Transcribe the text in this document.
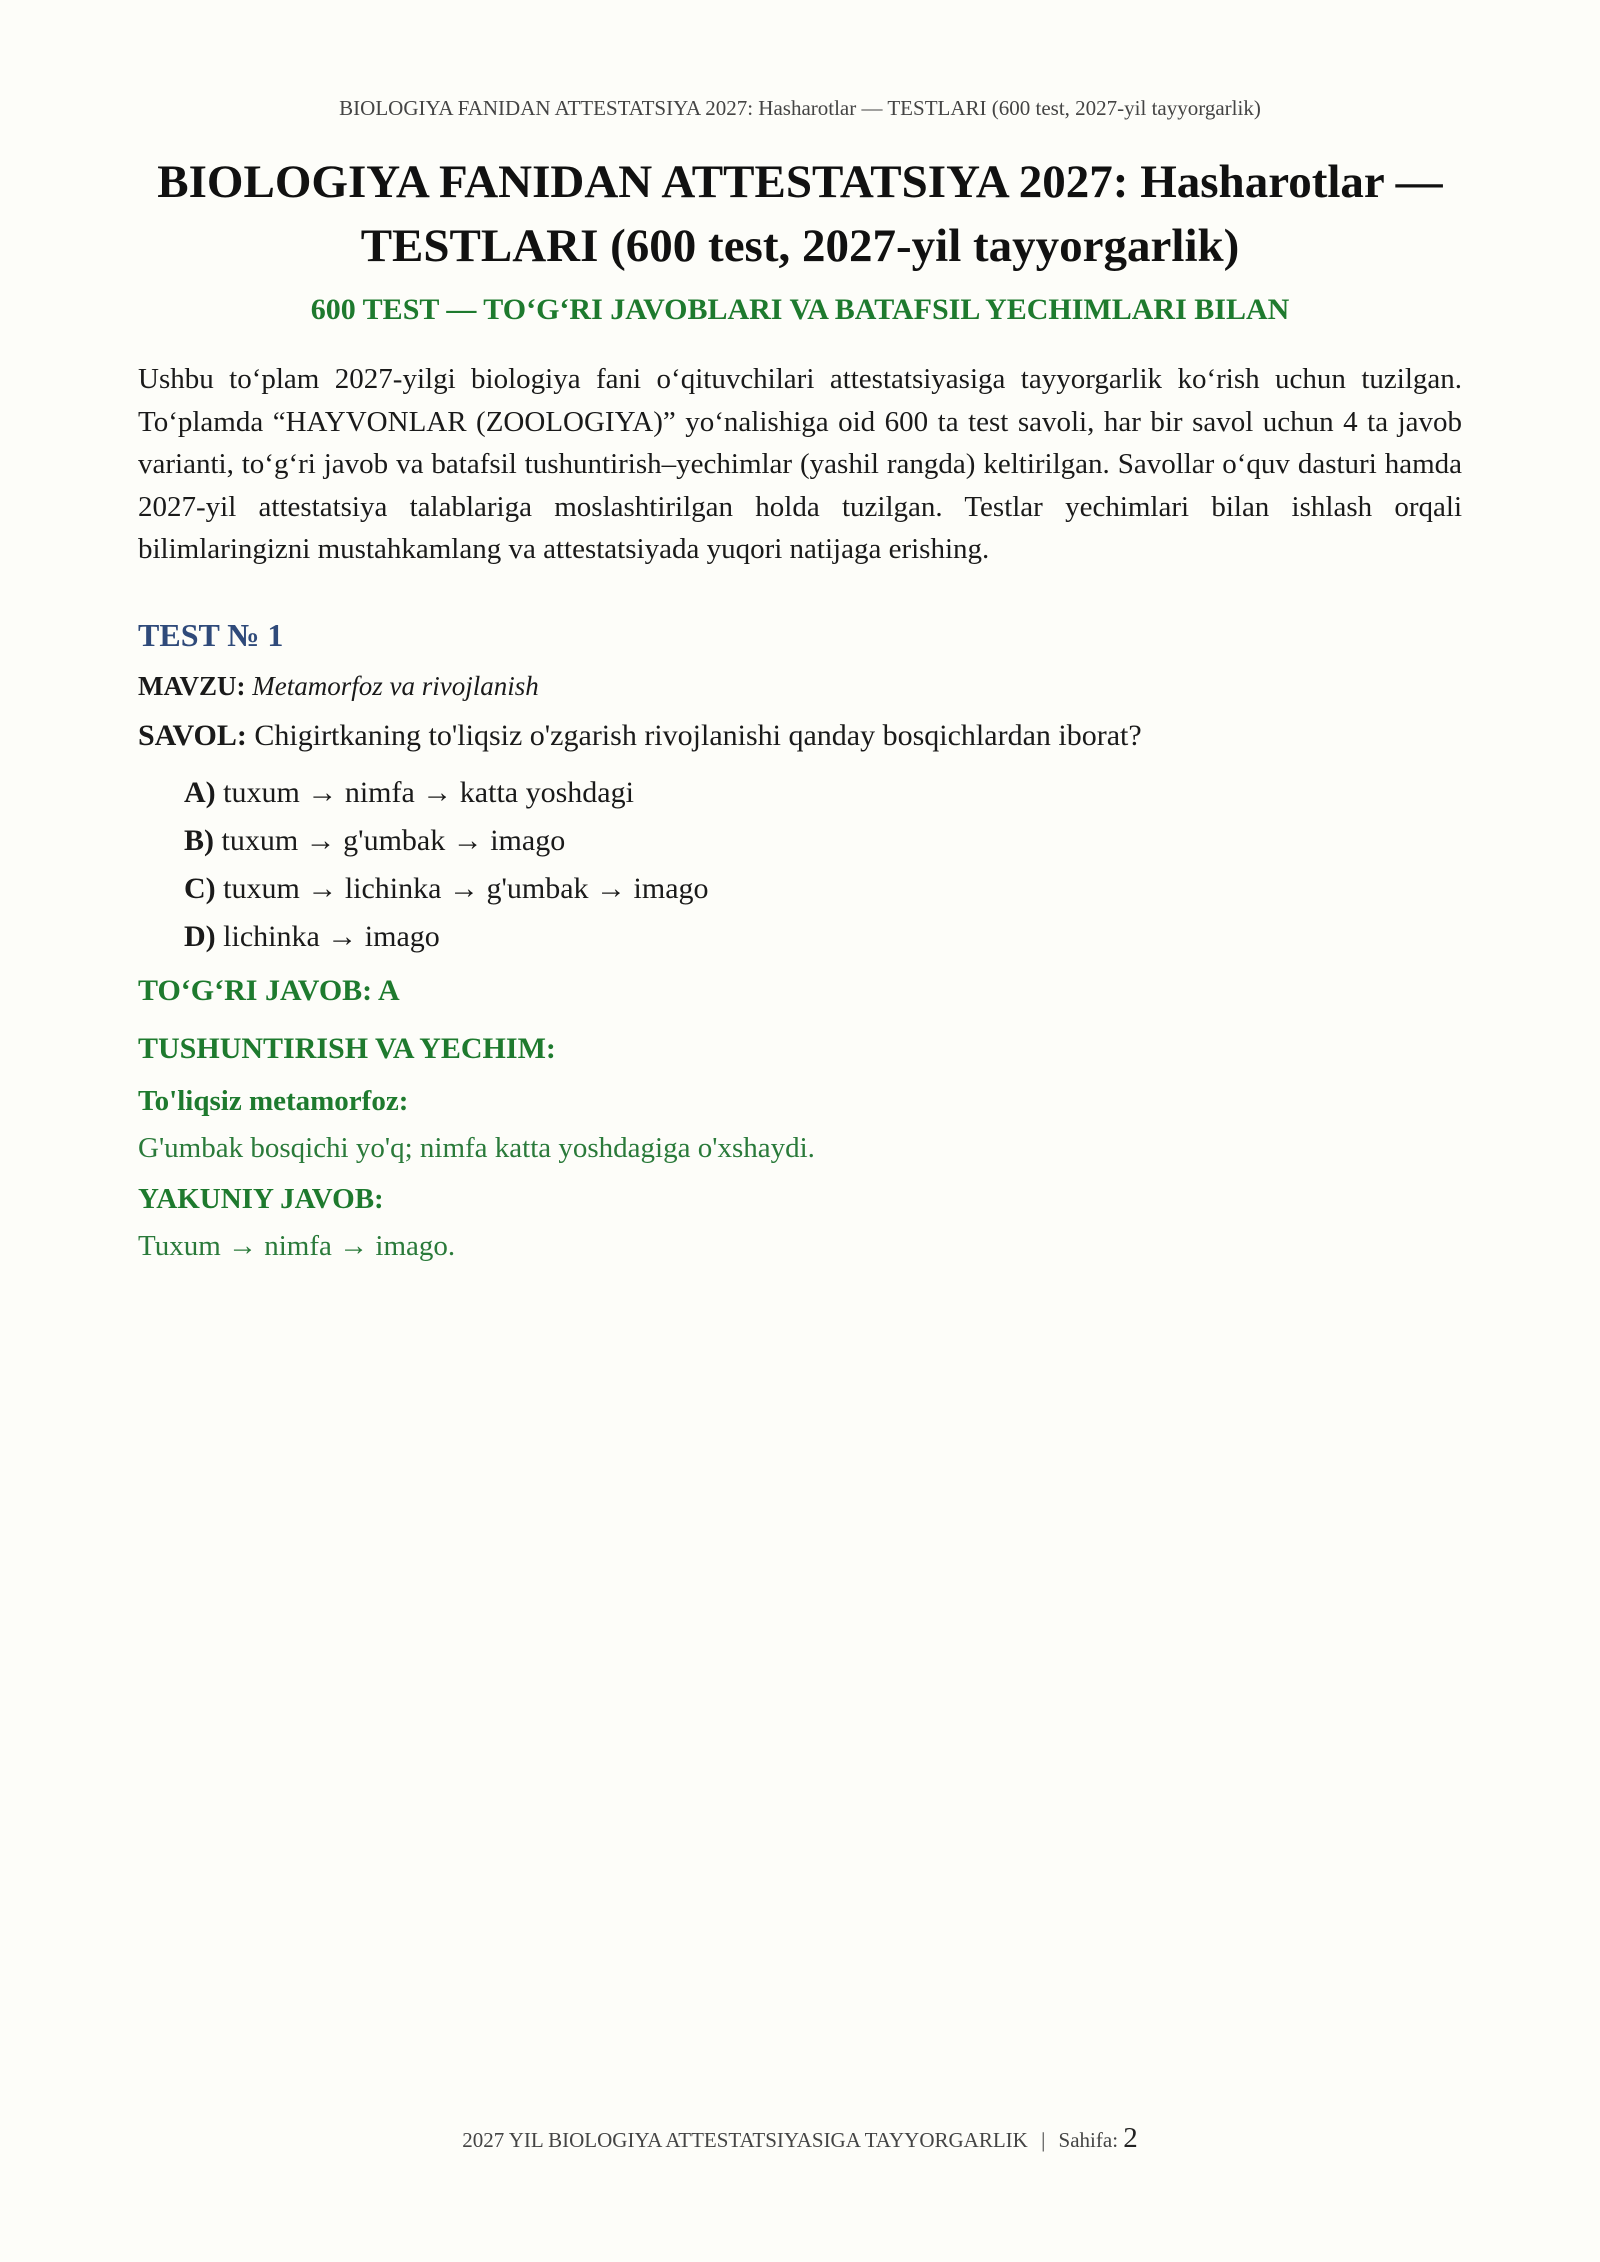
BIOLOGIYA FANIDAN ATTESTATSIYA 2027: Hasharotlar — TESTLARI (600 test, 2027-yil tayyorgarlik)
BIOLOGIYA FANIDAN ATTESTATSIYA 2027: Hasharotlar — TESTLARI (600 test, 2027-yil tayyorgarlik)
600 TEST — TO‘G‘RI JAVOBLARI VA BATAFSIL YECHIMLARI BILAN

Ushbu to‘plam 2027-yilgi biologiya fani o‘qituvchilari attestatsiyasiga tayyorgarlik ko‘rish uchun tuzilgan. To‘plamda “HAYVONLAR (ZOOLOGIYA)” yo‘nalishiga oid 600 ta test savoli, har bir savol uchun 4 ta javob varianti, to‘g‘ri javob va batafsil tushuntirish–yechimlar (yashil rangda) keltirilgan. Savollar o‘quv dasturi hamda 2027-yil attestatsiya talablariga moslashtirilgan holda tuzilgan. Testlar yechimlari bilan ishlash orqali bilimlaringizni mustahkamlang va attestatsiyada yuqori natijaga erishing.

TEST № 1
MAVZU: Metamorfoz va rivojlanish
SAVOL: Chigirtkaning to'liqsiz o'zgarish rivojlanishi qanday bosqichlardan iborat?
A) tuxum → nimfa → katta yoshdagi
B) tuxum → g'umbak → imago
C) tuxum → lichinka → g'umbak → imago
D) lichinka → imago
TO‘G‘RI JAVOB: A
TUSHUNTIRISH VA YECHIM:
To'liqsiz metamorfoz:
G'umbak bosqichi yo'q; nimfa katta yoshdagiga o'xshaydi.
YAKUNIY JAVOB:
Tuxum → nimfa → imago.
2027 YIL BIOLOGIYA ATTESTATSIYASIGA TAYYORGARLIK | Sahifa: 2
